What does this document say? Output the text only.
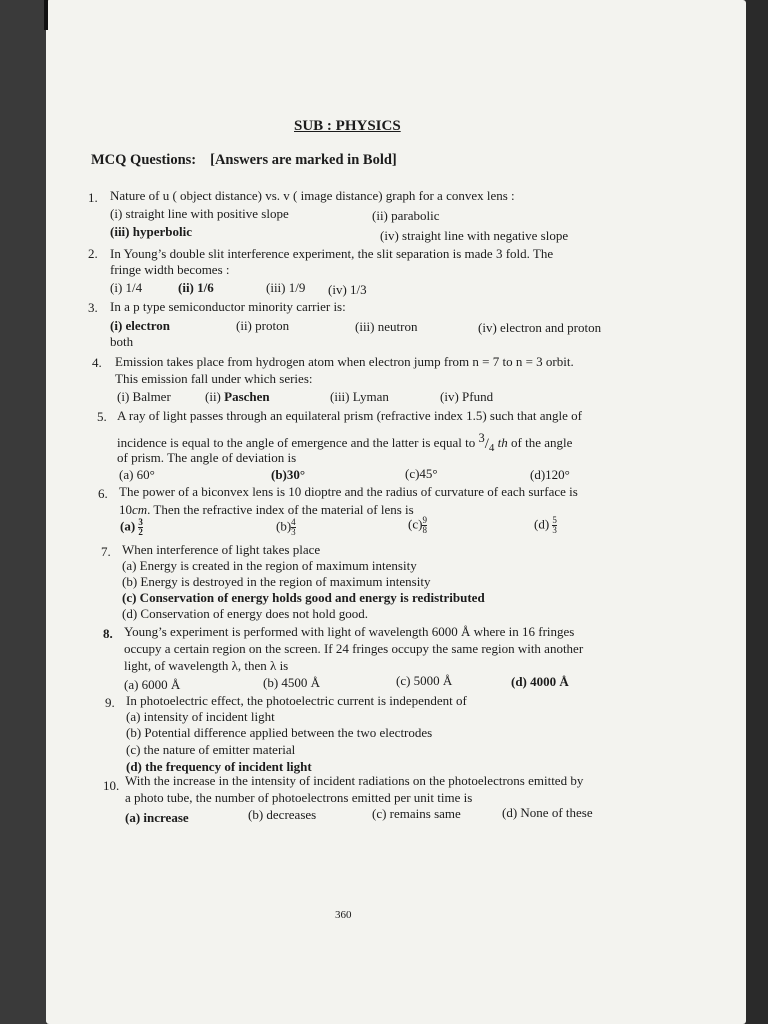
SUB : PHYSICS
MCQ Questions: [Answers are marked in Bold]
1. Nature of u ( object distance) vs. v ( image distance) graph for a convex lens :
(i) straight line with positive slope	(ii) parabolic
(iii) hyperbolic	(iv) straight line with negative slope
2. In Young’s double slit interference experiment, the slit separation is made 3 fold. The
fringe width becomes :
(i) 1/4	(ii) 1/6	(iii) 1/9 (iv) 1/3
3. In a p type semiconductor minority carrier is:
(i) electron	(ii) proton	(iii) neutron	(iv) electron and proton
both
4. Emission takes place from hydrogen atom when electron jump from n = 7 to n = 3 orbit.
This emission fall under which series:
(i) Balmer	(iii) Lyman	(iv) Pfund
(ii) Paschen
5. A ray of light passes through an equilateral prism (refractive index 1.5) such that angle of
incidence is equal to the angle of emergence and the latter is equal to $^3/_4$ th of the angle
of prism. The angle of deviation is
(a) 60°	(b)30°	(c)45°	(d)120°
6. The power of a biconvex lens is 10 dioptre and the radius of curvature of each surface is
10cm. Then the refractive index of the material of lens is
$(a) \frac{3}{2}$	$(b) \frac{4}{3}$	$(c) \frac{9}{8}$	$(d) \frac{5}{3}$
7. When interference of light takes place
(a) Energy is created in the region of maximum intensity
(b) Energy is destroyed in the region of maximum intensity
(c) Conservation of energy holds good and energy is redistributed
(d) Conservation of energy does not hold good.
8. Young’s experiment is performed with light of wavelength 6000 Å where in 16 fringes
occupy a certain region on the screen. If 24 fringes occupy the same region with another
light, of wavelength λ, then λ is
(a) 6000 Å	(b) 4500 Å	(c) 5000 Å	(d) 4000 Å
9. In photoelectric effect, the photoelectric current is independent of
(a) intensity of incident light
(b) Potential difference applied between the two electrodes
(c) the nature of emitter material
(d) the frequency of incident light
10. With the increase in the intensity of incident radiations on the photoelectrons emitted by
a photo tube, the number of photoelectrons emitted per unit time is
(a) increase	(b) decreases	(c) remains same	(d) None of these
360
